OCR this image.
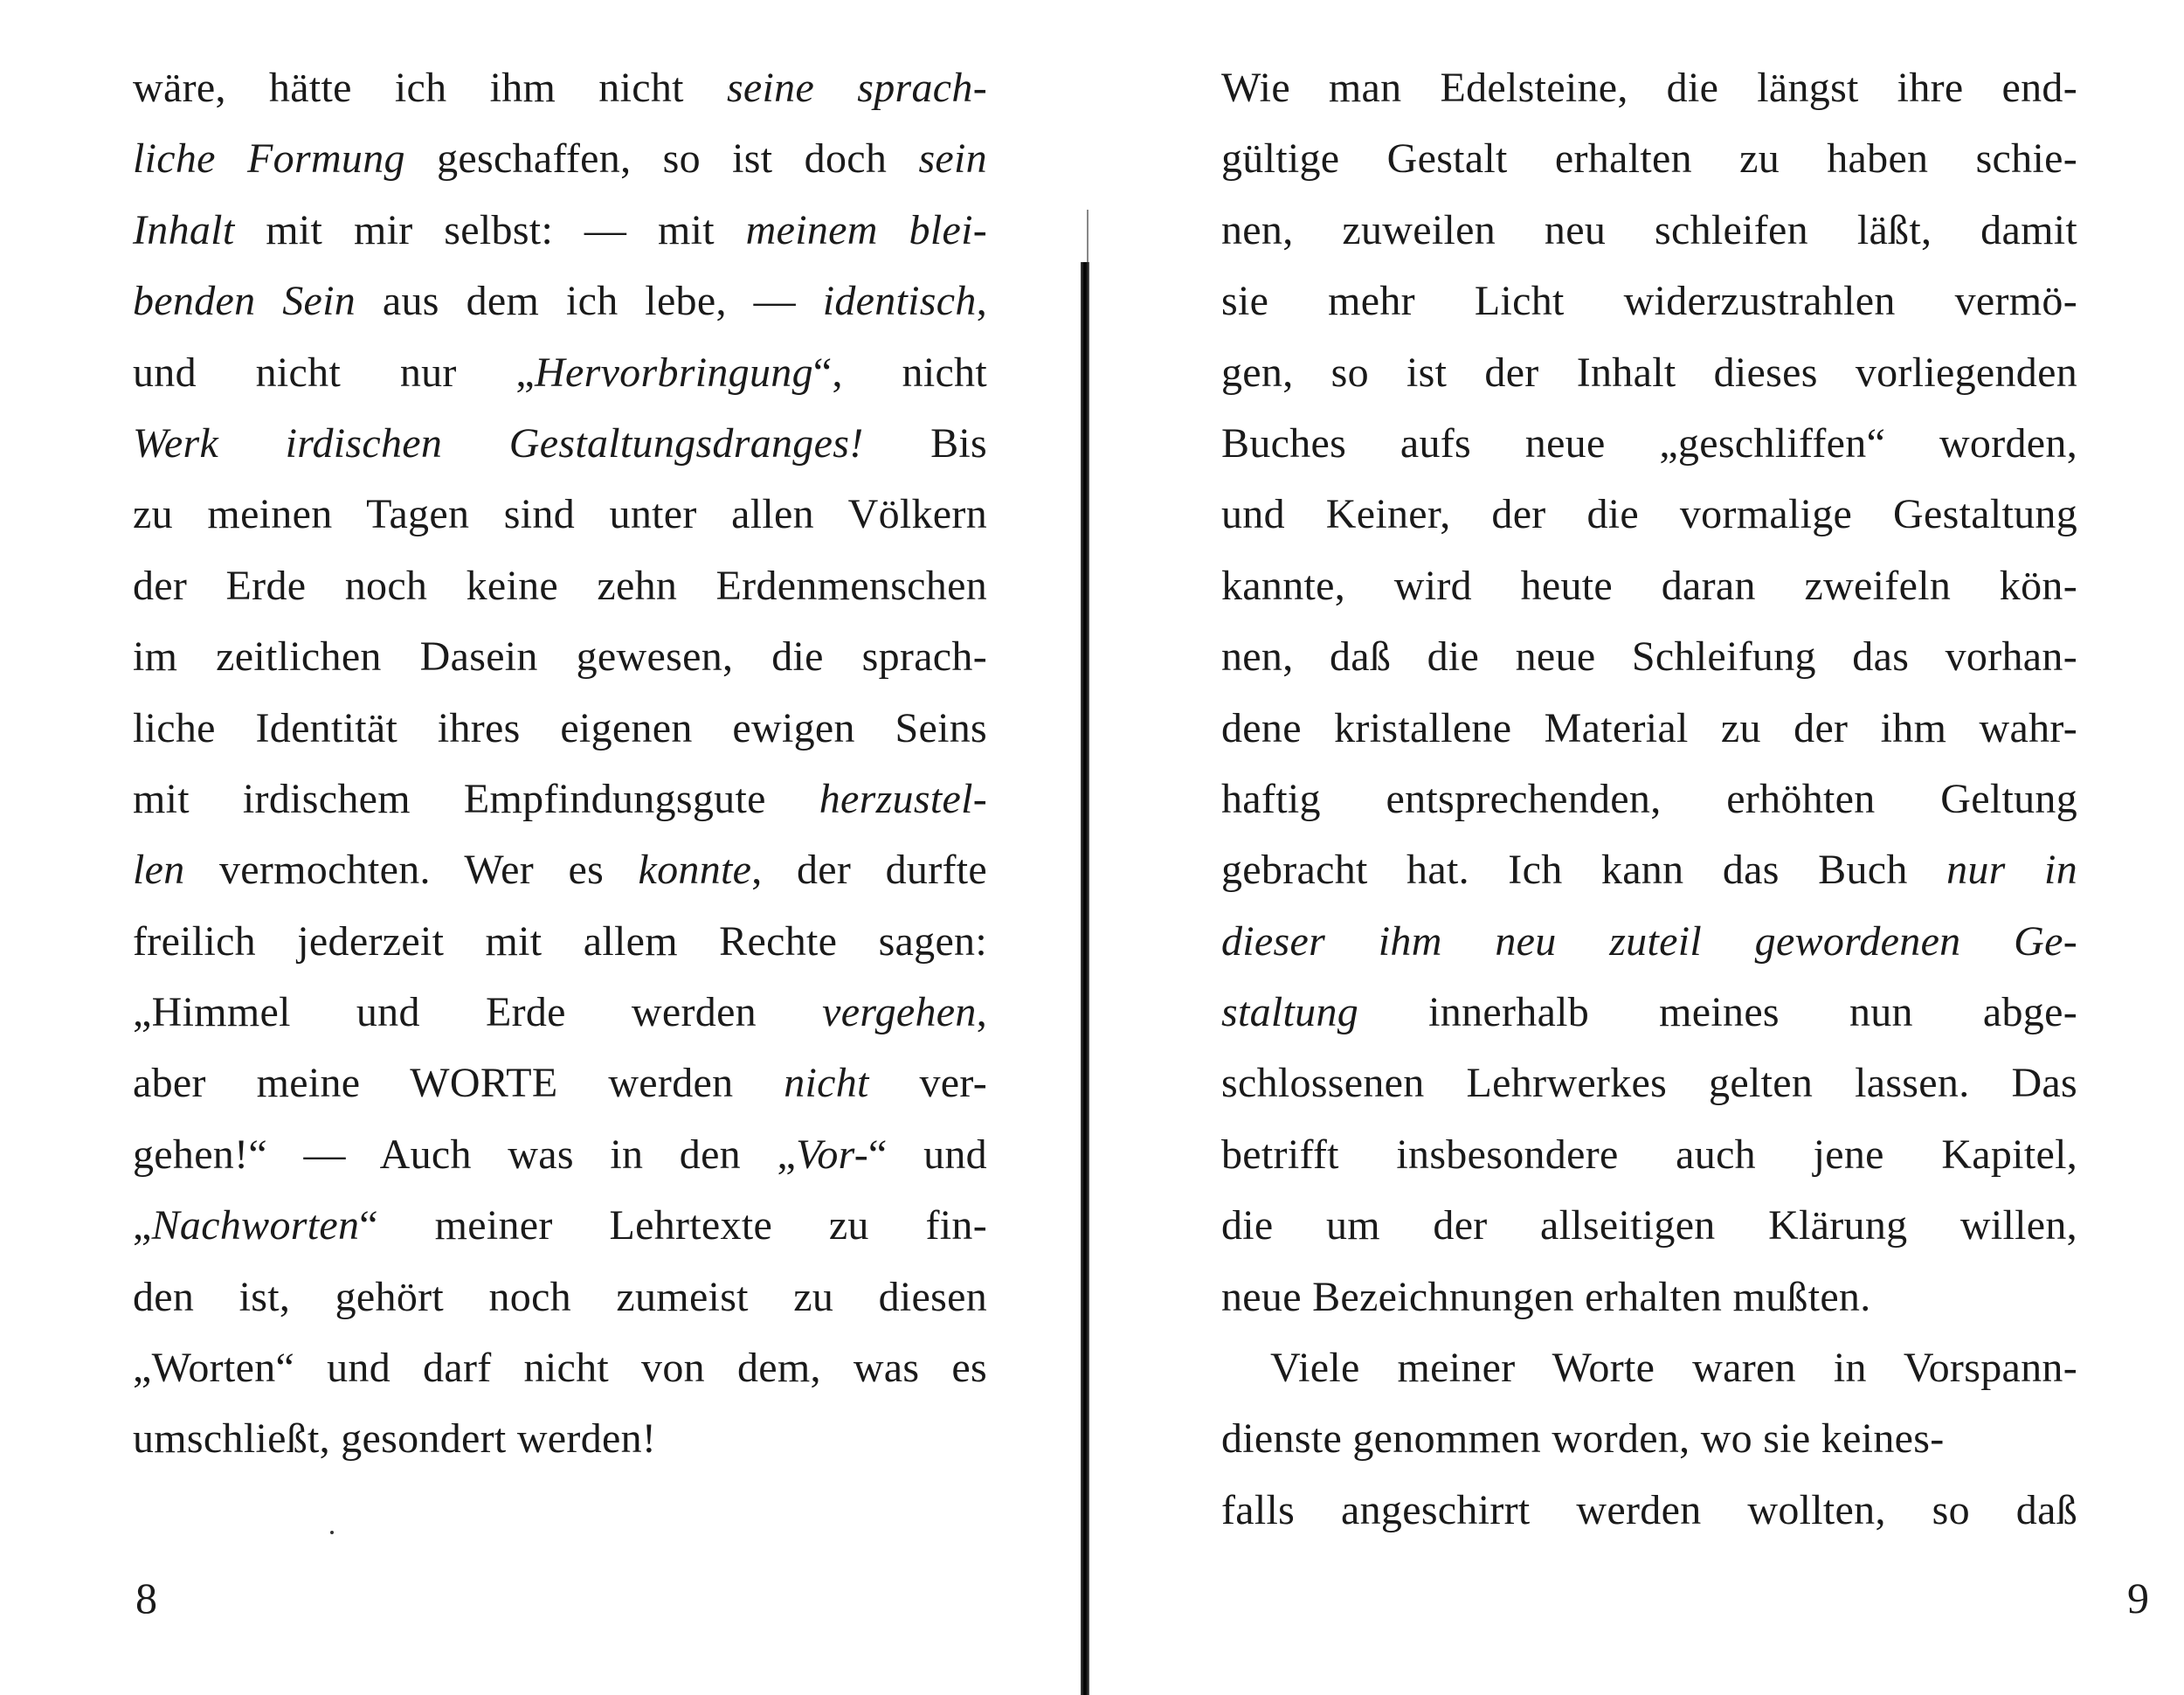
wäre, hätte ich ihm nicht seine sprach-
liche Formung geschaffen, so ist doch sein
Inhalt mit mir selbst: — mit meinem blei-
benden Sein aus dem ich lebe, — identisch,
und nicht nur „Hervorbringung“, nicht
Werk irdischen Gestaltungsdranges! Bis
zu meinen Tagen sind unter allen Völkern
der Erde noch keine zehn Erdenmenschen
im zeitlichen Dasein gewesen, die sprach-
liche Identität ihres eigenen ewigen Seins
mit irdischem Empfindungsgute herzustel-
len vermochten. Wer es konnte, der durfte
freilich jederzeit mit allem Rechte sagen:
„Himmel und Erde werden vergehen,
aber meine WORTE werden nicht ver-
gehen!“ — Auch was in den „Vor-“ und
„Nachworten“ meiner Lehrtexte zu fin-
den ist, gehört noch zumeist zu diesen
„Worten“ und darf nicht von dem, was es
umschließt, gesondert werden!
8
Wie man Edelsteine, die längst ihre end-
gültige Gestalt erhalten zu haben schie-
nen, zuweilen neu schleifen läßt, damit
sie mehr Licht widerzustrahlen vermö-
gen, so ist der Inhalt dieses vorliegenden
Buches aufs neue „geschliffen“ worden,
und Keiner, der die vormalige Gestaltung
kannte, wird heute daran zweifeln kön-
nen, daß die neue Schleifung das vorhan-
dene kristallene Material zu der ihm wahr-
haftig entsprechenden, erhöhten Geltung
gebracht hat. Ich kann das Buch nur in
dieser ihm neu zuteil gewordenen Ge-
staltung innerhalb meines nun abge-
schlossenen Lehrwerkes gelten lassen. Das
betrifft insbesondere auch jene Kapitel,
die um der allseitigen Klärung willen,
neue Bezeichnungen erhalten mußten.
Viele meiner Worte waren in Vorspann-
dienste genommen worden, wo sie keines-
falls angeschirrt werden wollten, so daß
9
